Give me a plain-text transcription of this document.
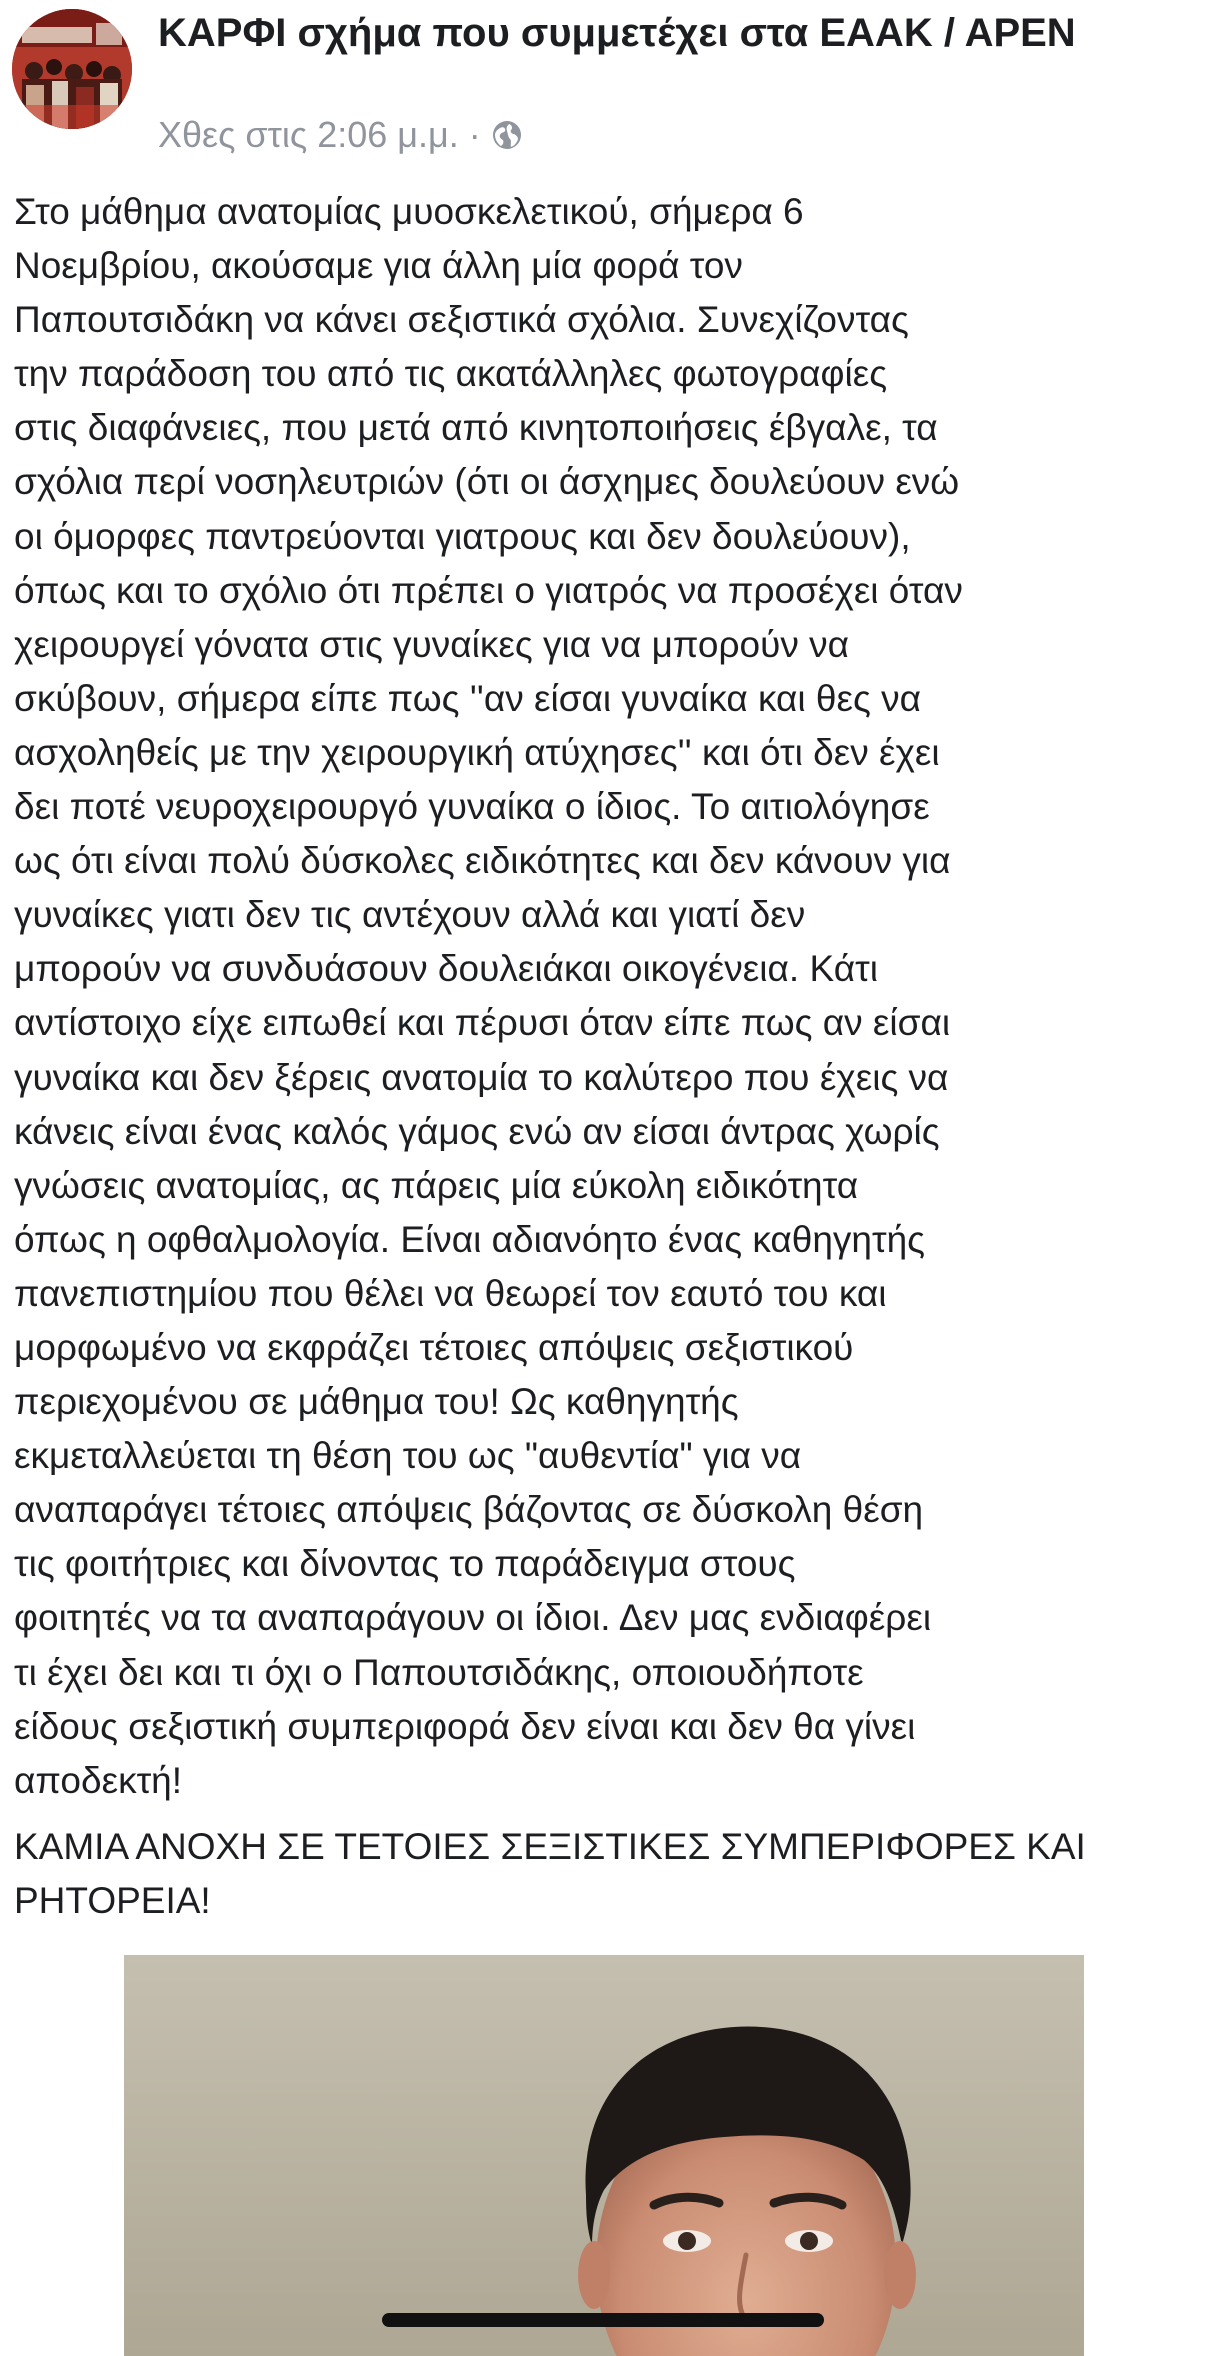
ΚΑΡΦΙ σχήμα που συμμετέχει στα ΕΑΑΚ / ΑΡΕΝ
Χθες στις 2:06 μ.μ. ·
Στο μάθημα ανατομίας μυοσκελετικού, σήμερα 6
Νοεμβρίου, ακούσαμε για άλλη μία φορά τον
Παπουτσιδάκη να κάνει σεξιστικά σχόλια. Συνεχίζοντας
την παράδοση του από τις ακατάλληλες φωτογραφίες
στις διαφάνειες, που μετά από κινητοποιήσεις έβγαλε, τα
σχόλια περί νοσηλευτριών (ότι οι άσχημες δουλεύουν ενώ
οι όμορφες παντρεύονται γιατρους και δεν δουλεύουν),
όπως και το σχόλιο ότι πρέπει ο γιατρός να προσέχει όταν
χειρουργεί γόνατα στις γυναίκες για να μπορούν να
σκύβουν, σήμερα είπε πως ''αν είσαι γυναίκα και θες να
ασχοληθείς με την χειρουργική ατύχησες'' και ότι δεν έχει
δει ποτέ νευροχειρουργό γυναίκα ο ίδιος. Το αιτιολόγησε
ως ότι είναι πολύ δύσκολες ειδικότητες και δεν κάνουν για
γυναίκες γιατι δεν τις αντέχουν αλλά και γιατί δεν
μπορούν να συνδυάσουν δουλειάκαι οικογένεια. Κάτι
αντίστοιχο είχε ειπωθεί και πέρυσι όταν είπε πως αν είσαι
γυναίκα και δεν ξέρεις ανατομία το καλύτερο που έχεις να
κάνεις είναι ένας καλός γάμος ενώ αν είσαι άντρας χωρίς
γνώσεις ανατομίας, ας πάρεις μία εύκολη ειδικότητα
όπως η οφθαλμολογία. Είναι αδιανόητο ένας καθηγητής
πανεπιστημίου που θέλει να θεωρεί τον εαυτό του και
μορφωμένο να εκφράζει τέτοιες απόψεις σεξιστικού
περιεχομένου σε μάθημα του! Ως καθηγητής
εκμεταλλεύεται τη θέση του ως "αυθεντία" για να
αναπαράγει τέτοιες απόψεις βάζοντας σε δύσκολη θέση
τις φοιτήτριες και δίνοντας το παράδειγμα στους
φοιτητές να τα αναπαράγουν οι ίδιοι. Δεν μας ενδιαφέρει
τι έχει δει και τι όχι ο Παπουτσιδάκης, οποιουδήποτε
είδους σεξιστική συμπεριφορά δεν είναι και δεν θα γίνει
αποδεκτή!
ΚΑΜΙΑ ΑΝΟΧΗ ΣΕ ΤΕΤΟΙΕΣ ΣΕΞΙΣΤΙΚΕΣ ΣΥΜΠΕΡΙΦΟΡΕΣ ΚΑΙ ΡΗΤΟΡΕΙΑ!
